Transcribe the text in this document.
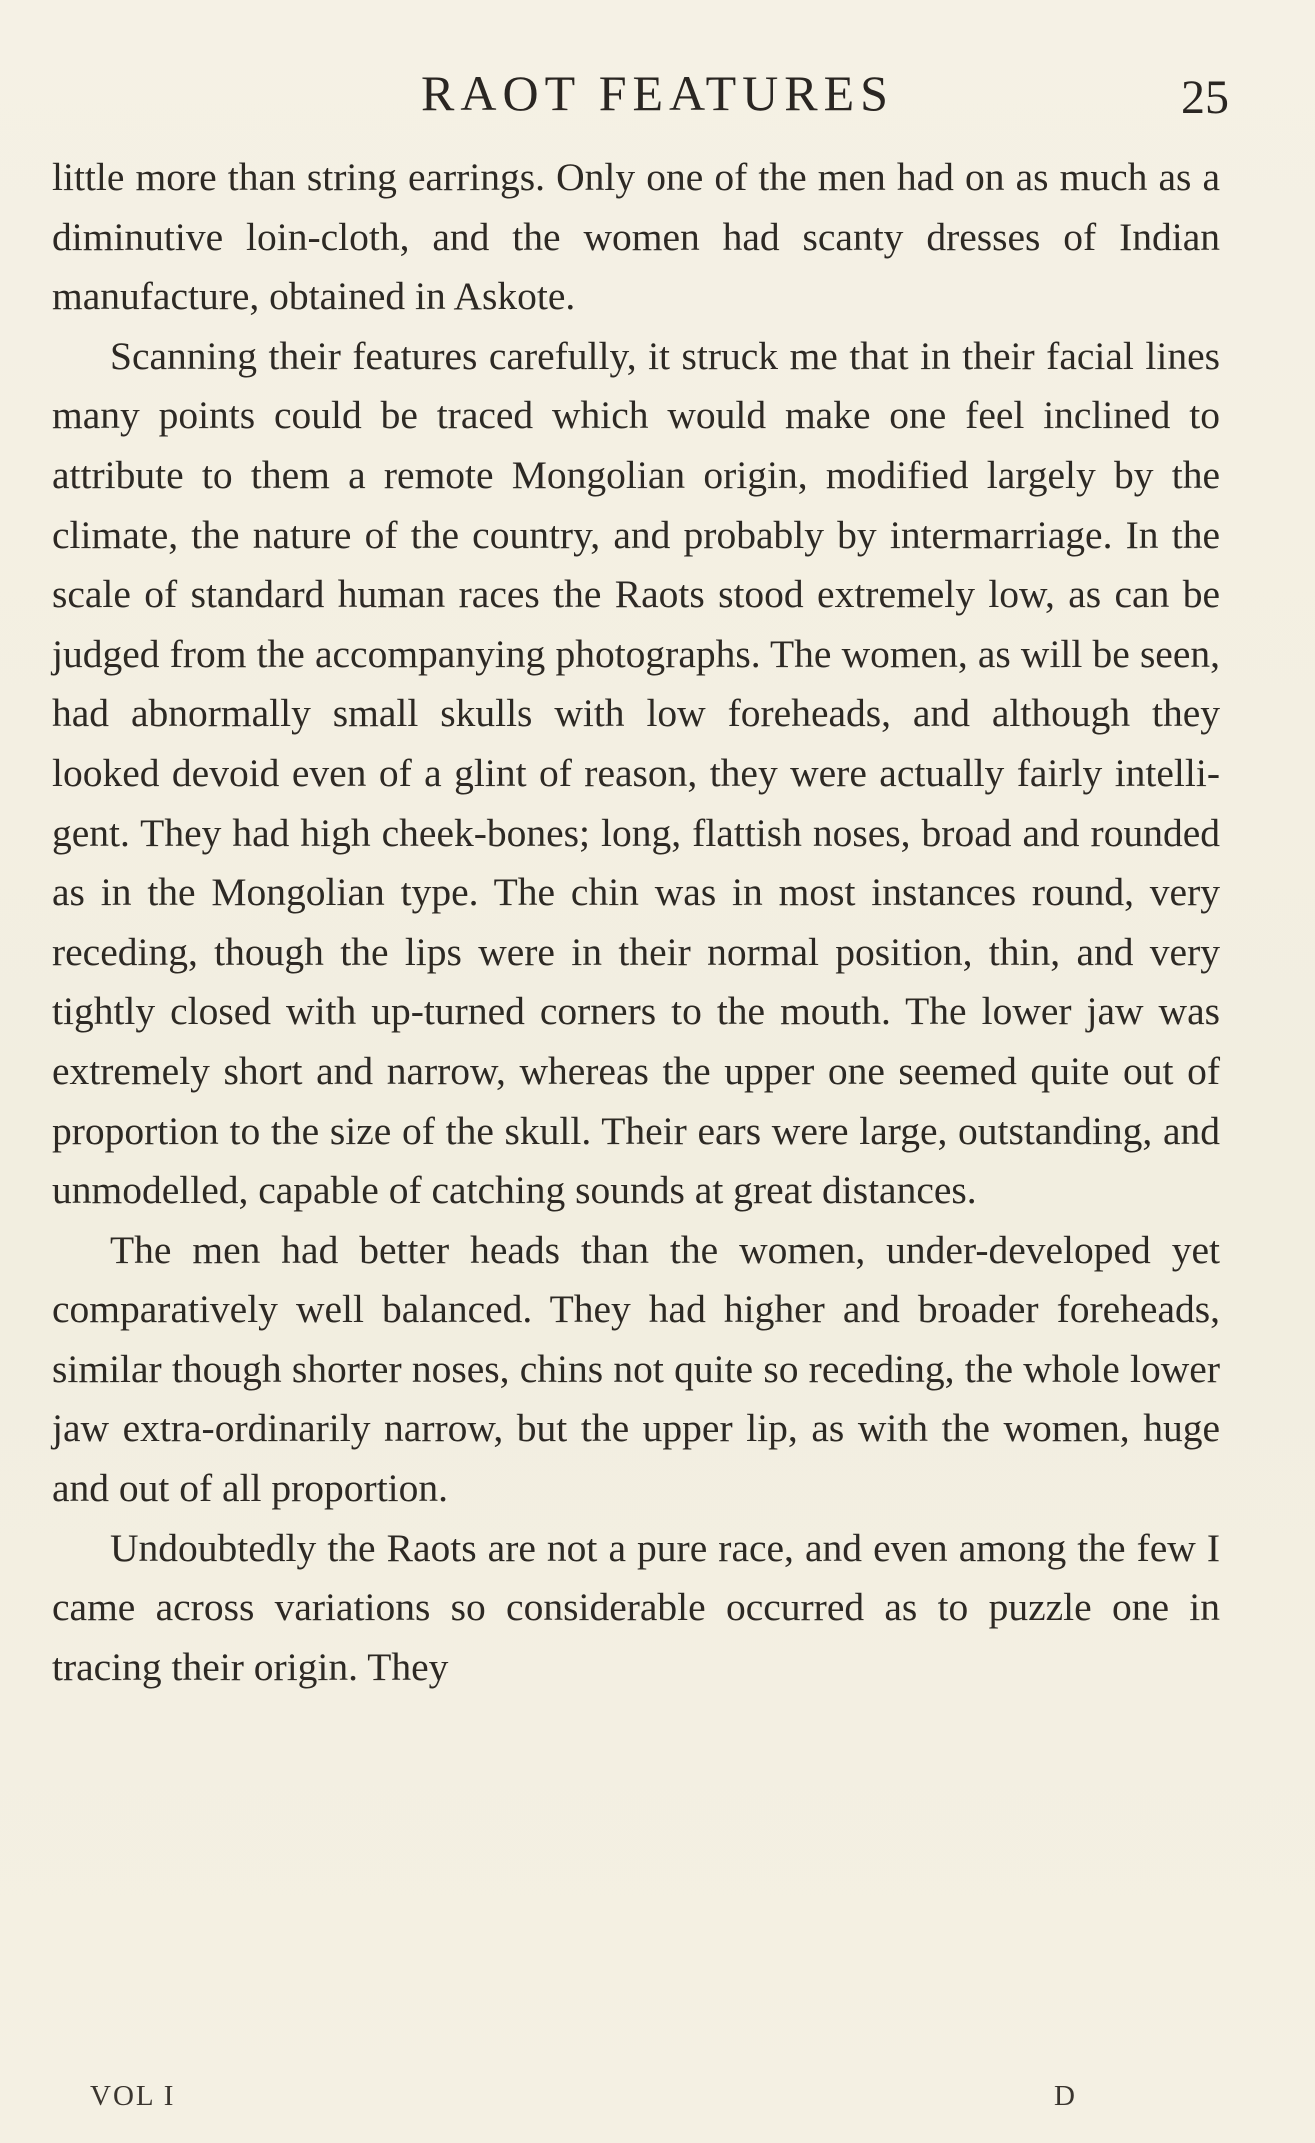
RAOT FEATURES	25

little more than string earrings. Only one of the men had on as much as a diminutive loin-cloth, and the women had scanty dresses of Indian manufacture, obtained in Askote.

Scanning their features carefully, it struck me that in their facial lines many points could be traced which would make one feel inclined to attribute to them a remote Mongolian origin, modified largely by the climate, the nature of the country, and probably by intermarriage. In the scale of standard human races the Raots stood extremely low, as can be judged from the accompanying photographs. The women, as will be seen, had abnormally small skulls with low foreheads, and although they looked devoid even of a glint of reason, they were actually fairly intelli-gent. They had high cheek-bones; long, flattish noses, broad and rounded as in the Mongolian type. The chin was in most instances round, very receding, though the lips were in their normal position, thin, and very tightly closed with up-turned corners to the mouth. The lower jaw was extremely short and narrow, whereas the upper one seemed quite out of proportion to the size of the skull. Their ears were large, outstanding, and unmodelled, capable of catching sounds at great distances.

The men had better heads than the women, under-developed yet comparatively well balanced. They had higher and broader foreheads, similar though shorter noses, chins not quite so receding, the whole lower jaw extra-ordinarily narrow, but the upper lip, as with the women, huge and out of all proportion.

Undoubtedly the Raots are not a pure race, and even among the few I came across variations so considerable occurred as to puzzle one in tracing their origin. They

VOL I	D
